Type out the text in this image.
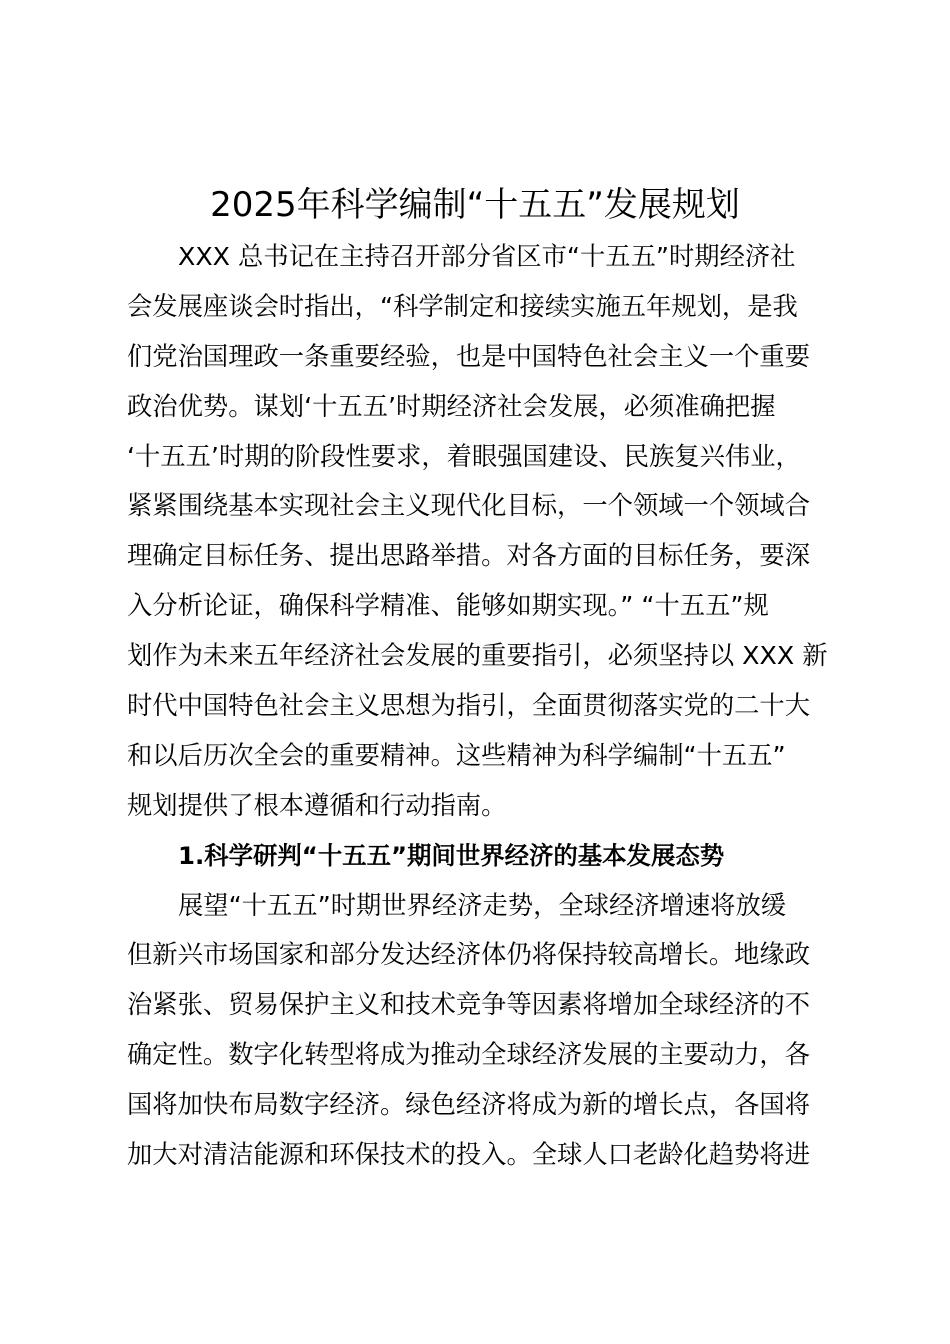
2025年科学编制“十五五”发展规划
XXX 总书记在主持召开部分省区市“十五五”时期经济社
会发展座谈会时指出，“科学制定和接续实施五年规划，是我
们党治国理政一条重要经验，也是中国特色社会主义一个重要
政治优势。谋划‘十五五’时期经济社会发展，必须准确把握
‘十五五’时期的阶段性要求，着眼强国建设、民族复兴伟业，
紧紧围绕基本实现社会主义现代化目标，一个领域一个领域合
理确定目标任务、提出思路举措。对各方面的目标任务，要深
入分析论证，确保科学精准、能够如期实现。” “十五五”规
划作为未来五年经济社会发展的重要指引，必须坚持以 XXX 新
时代中国特色社会主义思想为指引，全面贯彻落实党的二十大
和以后历次全会的重要精神。这些精神为科学编制“十五五”
规划提供了根本遵循和行动指南。
1.科学研判“十五五”期间世界经济的基本发展态势
展望“十五五”时期世界经济走势，全球经济增速将放缓
但新兴市场国家和部分发达经济体仍将保持较高增长。地缘政
治紧张、贸易保护主义和技术竞争等因素将增加全球经济的不
确定性。数字化转型将成为推动全球经济发展的主要动力，各
国将加快布局数字经济。绿色经济将成为新的增长点，各国将
加大对清洁能源和环保技术的投入。全球人口老龄化趋势将进
